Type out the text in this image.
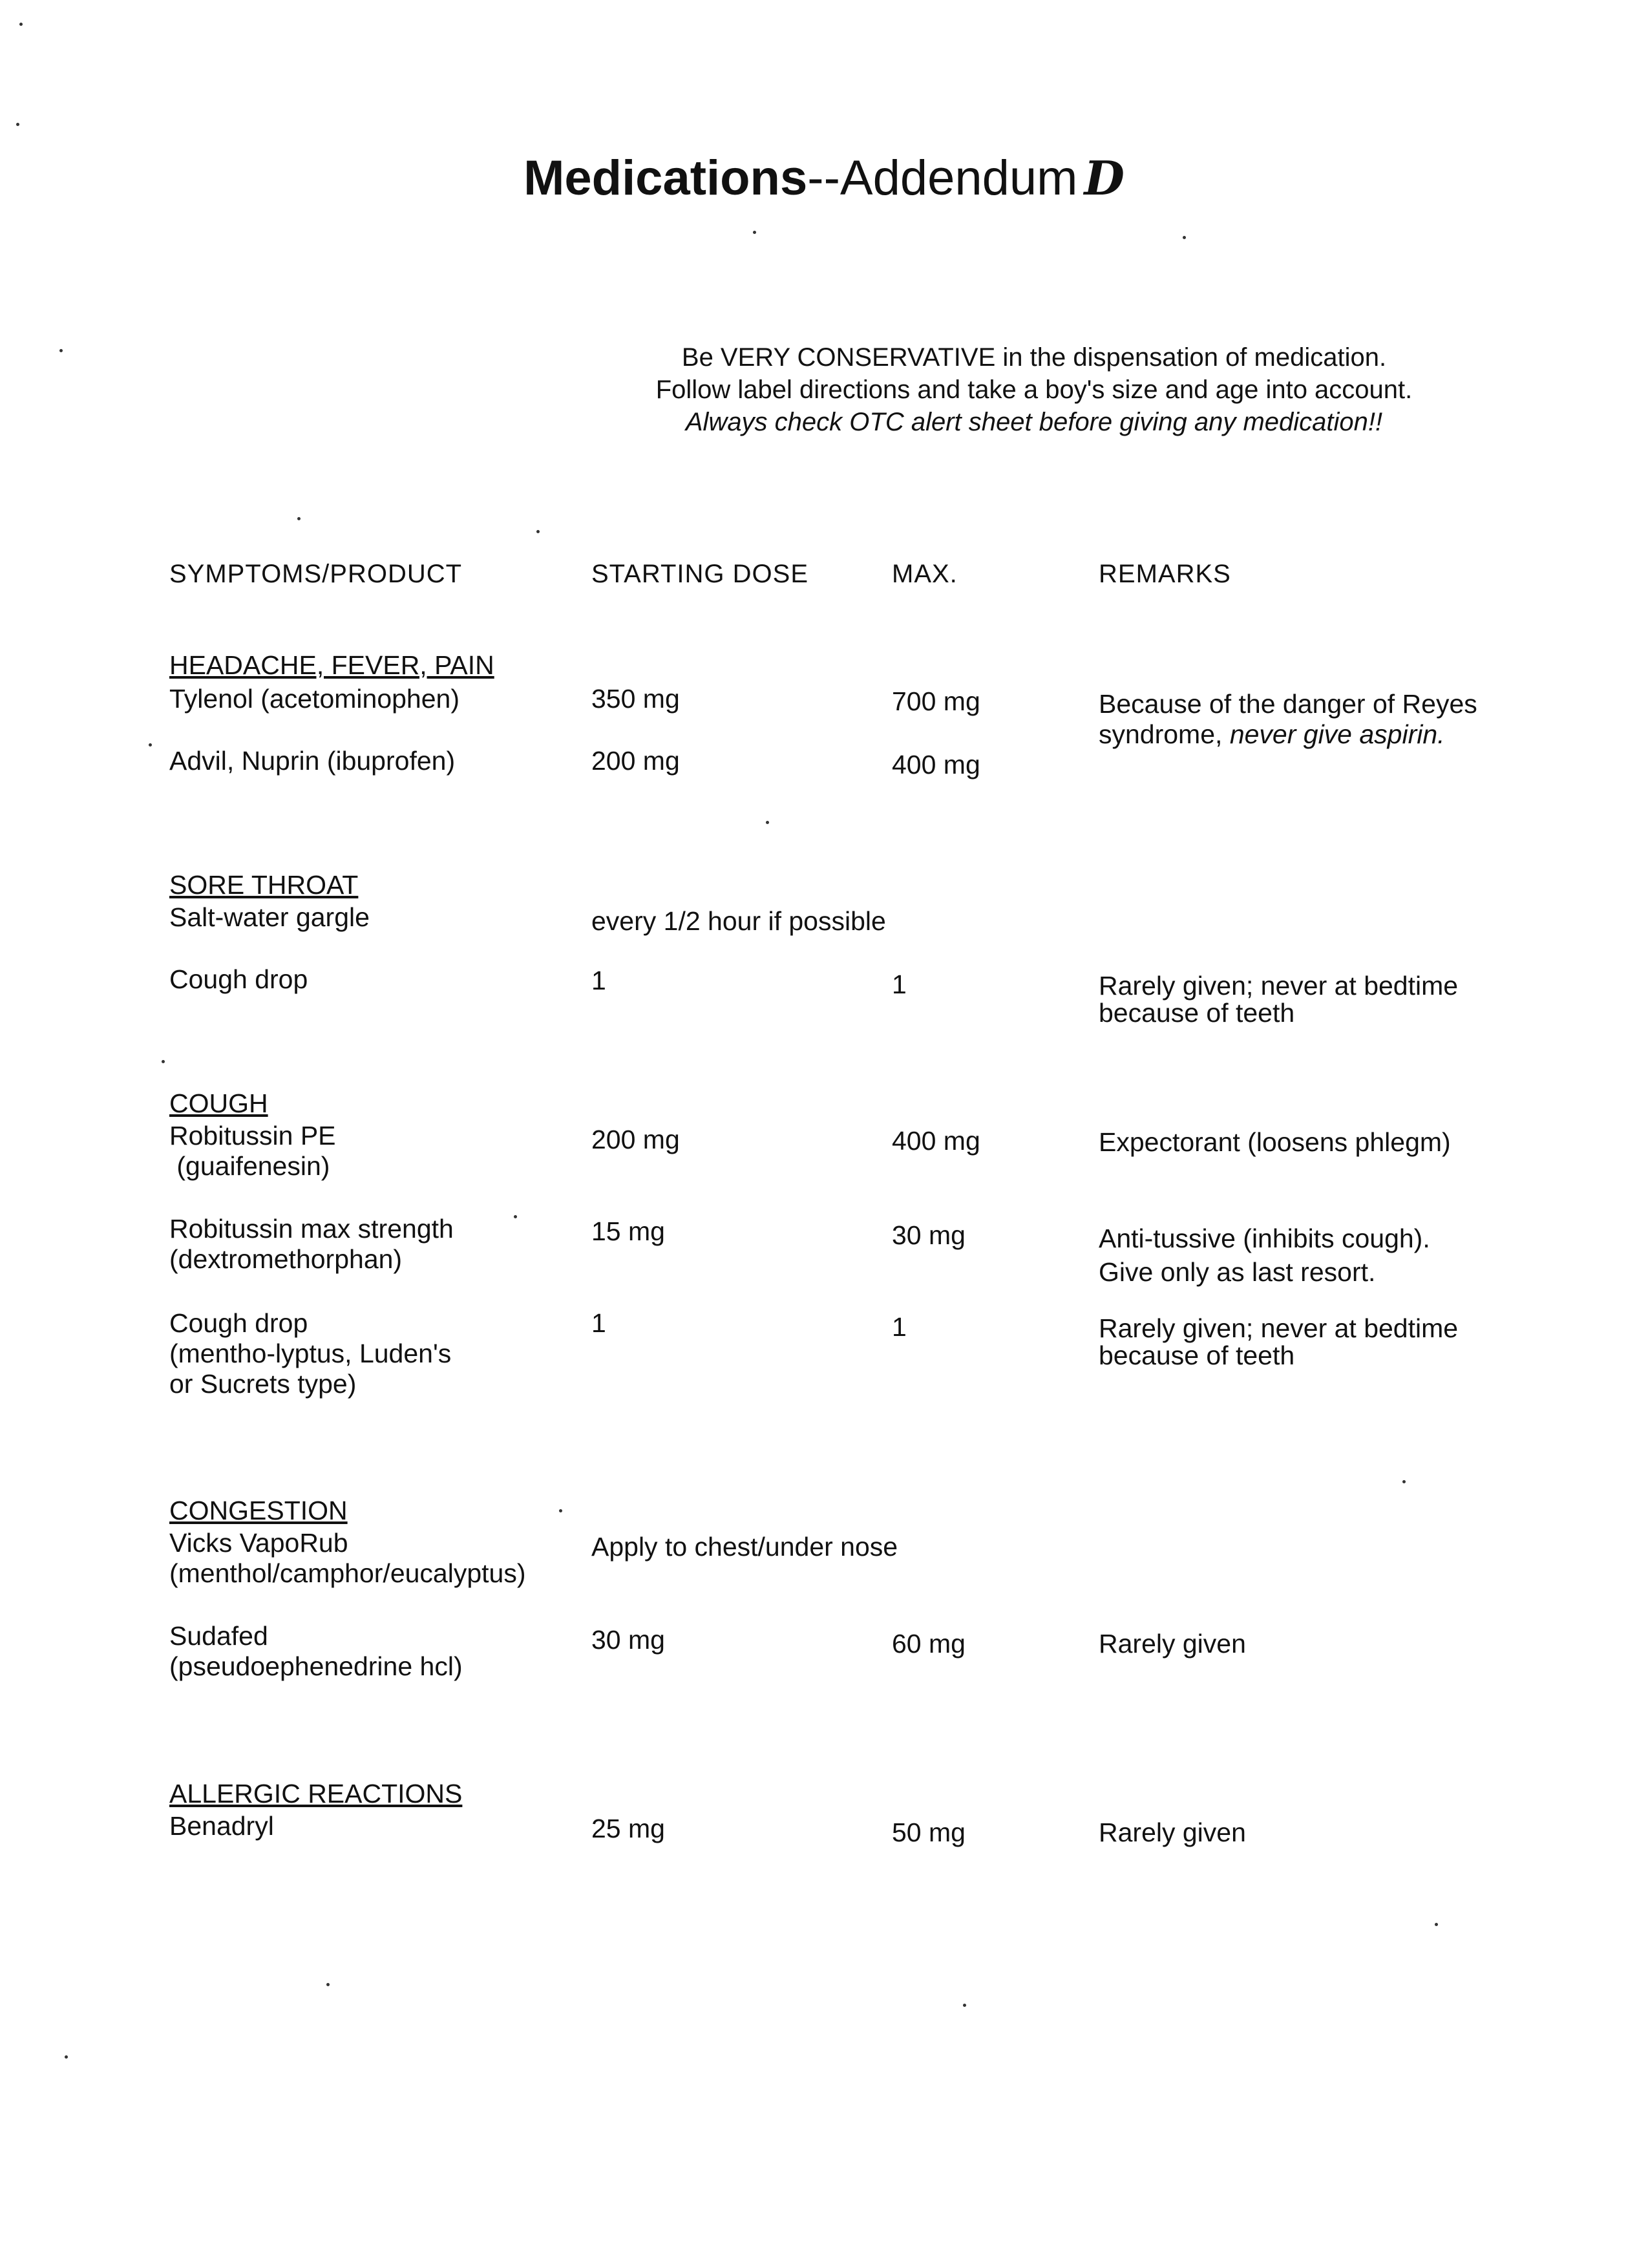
Medications--Addendum D
Be VERY CONSERVATIVE in the dispensation of medication.
Follow label directions and take a boy's size and age into account.
Always check OTC alert sheet before giving any medication!!
SYMPTOMS/PRODUCT	STARTING DOSE	MAX.	REMARKS
HEADACHE, FEVER, PAIN
Tylenol (acetominophen)	350 mg	700 mg	Because of the danger of Reyes
syndrome, never give aspirin.
Advil, Nuprin (ibuprofen)	200 mg	400 mg
SORE THROAT
Salt-water gargle	every 1/2 hour if possible
Cough drop	1	1	Rarely given; never at bedtime
because of teeth
COUGH
Robitussin PE
(guaifenesin)
200 mg	400 mg	Expectorant (loosens phlegm)
Robitussin max strength
(dextromethorphan)
15 mg	30 mg	Anti-tussive (inhibits cough).
Give only as last resort.
Cough drop
(mentho-lyptus, Luden's
or Sucrets type)
1	1	Rarely given; never at bedtime
because of teeth
CONGESTION
Vicks VapoRub
(menthol/camphor/eucalyptus)
Apply to chest/under nose
Sudafed
(pseudoephenedrine hcl)
30 mg	60 mg	Rarely given
ALLERGIC REACTIONS
Benadryl	25 mg	50 mg	Rarely given
